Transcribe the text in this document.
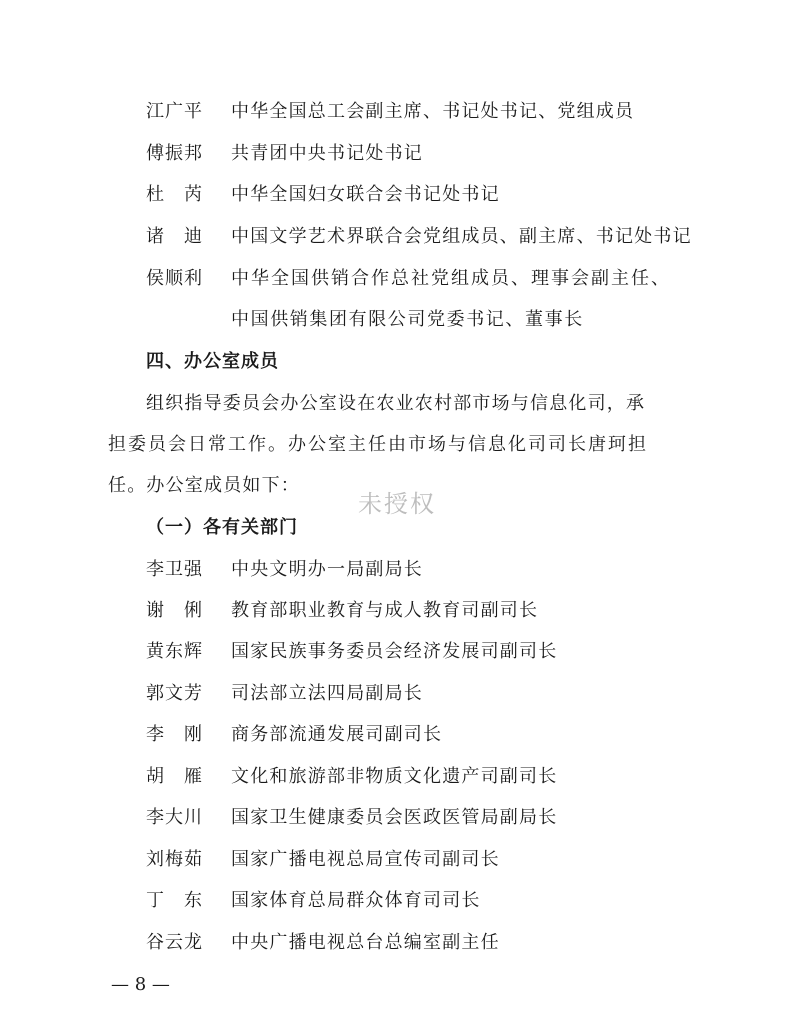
江广平 中华全国总工会副主席、书记处书记、党组成员
傅振邦 共青团中央书记处书记
杜　芮 中华全国妇女联合会书记处书记
诸　迪 中国文学艺术界联合会党组成员、副主席、书记处书记
侯顺利 中华全国供销合作总社党组成员、理事会副主任、
中国供销集团有限公司党委书记、董事长
四、办公室成员
组织指导委员会办公室设在农业农村部市场与信息化司，承
担委员会日常工作。办公室主任由市场与信息化司司长唐珂担
任。办公室成员如下：
未授权
（一）各有关部门
李卫强 中央文明办一局副局长
谢　俐 教育部职业教育与成人教育司副司长
黄东辉 国家民族事务委员会经济发展司副司长
郭文芳 司法部立法四局副局长
李　刚 商务部流通发展司副司长
胡　雁 文化和旅游部非物质文化遗产司副司长
李大川 国家卫生健康委员会医政医管局副局长
刘梅茹 国家广播电视总局宣传司副司长
丁　东 国家体育总局群众体育司司长
谷云龙 中央广播电视总台总编室副主任
— 8 —
